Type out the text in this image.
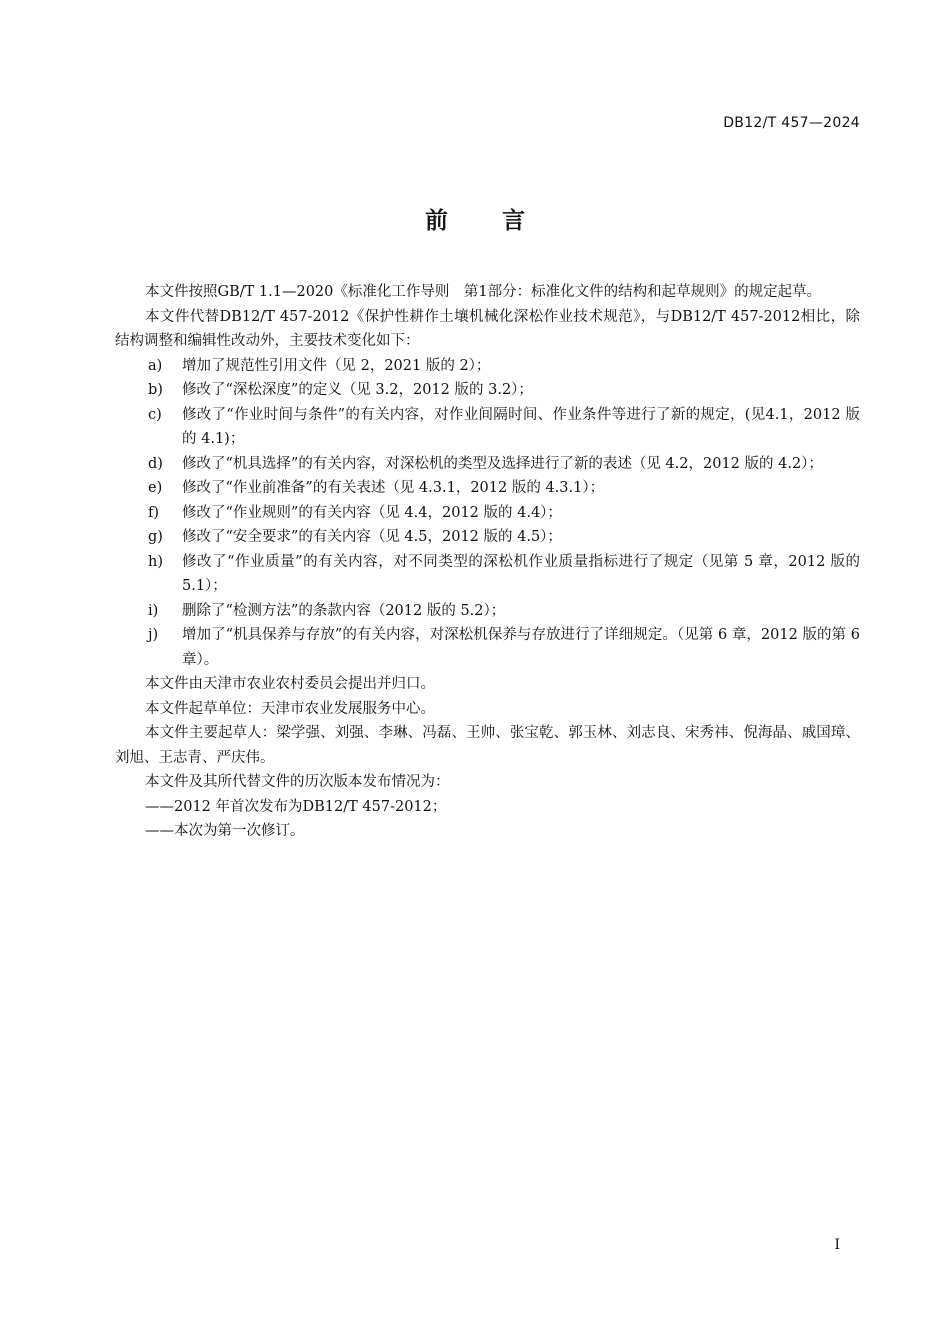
DB12/T 457—2024
前言

本文件按照GB/T 1.1—2020《标准化工作导则　第1部分：标准化文件的结构和起草规则》的规定起草。

本文件代替DB12/T 457-2012《保护性耕作土壤机械化深松作业技术规范》，与DB12/T 457-2012相比，除结构调整和编辑性改动外，主要技术变化如下：

a) 增加了规范性引用文件（见 2，2021 版的 2）；
b) 修改了“深松深度”的定义（见 3.2，2012 版的 3.2）；
c) 修改了“作业时间与条件”的有关内容，对作业间隔时间、作业条件等进行了新的规定，(见4.1，2012 版的 4.1)；
d) 修改了“机具选择”的有关内容，对深松机的类型及选择进行了新的表述（见 4.2，2012 版的 4.2）；
e) 修改了“作业前准备”的有关表述（见 4.3.1，2012 版的 4.3.1）；
f) 修改了“作业规则”的有关内容（见 4.4，2012 版的 4.4）；
g) 修改了“安全要求”的有关内容（见 4.5，2012 版的 4.5）；
h) 修改了“作业质量”的有关内容，对不同类型的深松机作业质量指标进行了规定（见第 5 章，2012 版的 5.1）；
i) 删除了“检测方法”的条款内容（2012 版的 5.2）；
j) 增加了“机具保养与存放”的有关内容，对深松机保养与存放进行了详细规定。（见第 6 章，2012 版的第 6 章）。

本文件由天津市农业农村委员会提出并归口。

本文件起草单位：天津市农业发展服务中心。

本文件主要起草人：梁学强、刘强、李琳、冯磊、王帅、张宝乾、郭玉林、刘志良、宋秀祎、倪海晶、戚国璋、刘旭、王志青、严庆伟。

本文件及其所代替文件的历次版本发布情况为：

——2012 年首次发布为DB12/T 457-2012；

——本次为第一次修订。

I
